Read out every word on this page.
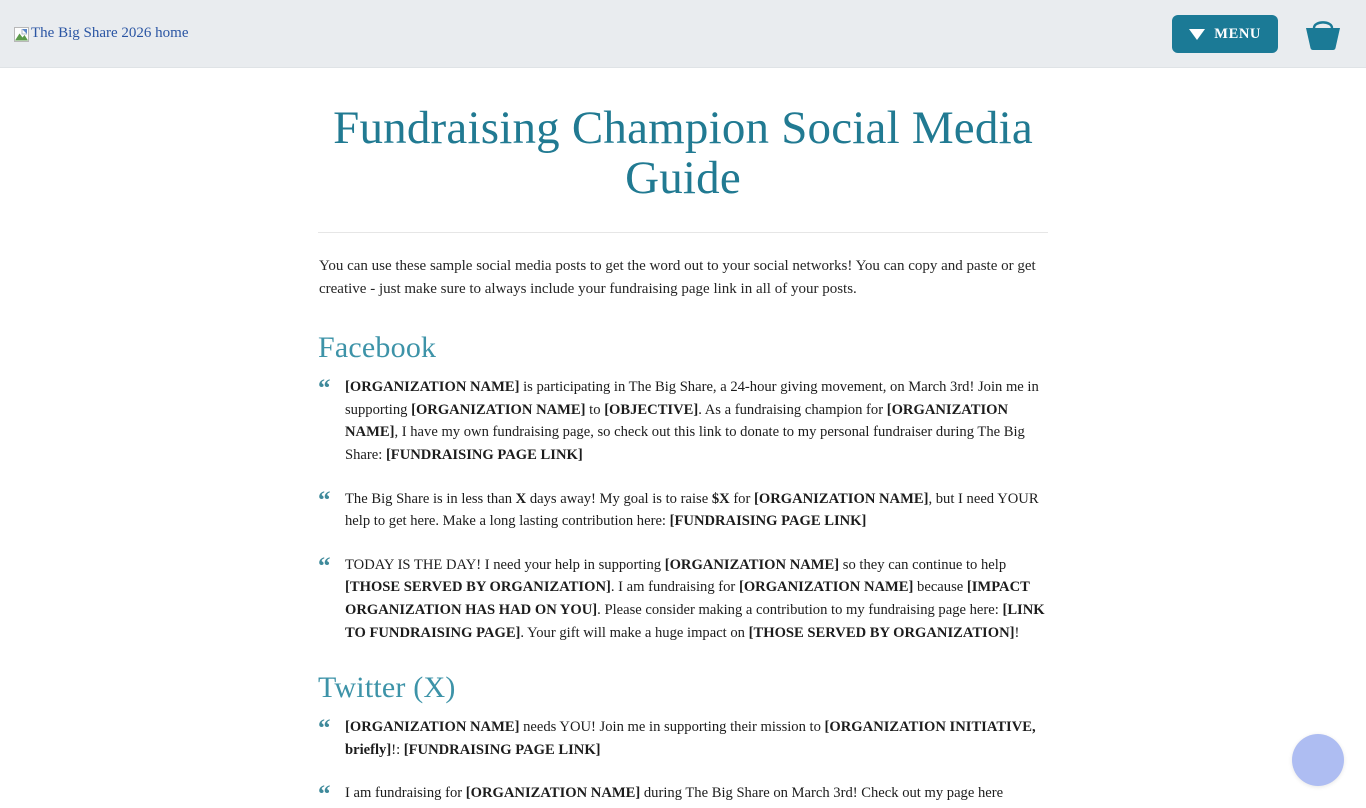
The Big Share 2026 home	MENU
Fundraising Champion Social Media Guide

You can use these sample social media posts to get the word out to your social networks! You can copy and paste or get creative - just make sure to always include your fundraising page link in all of your posts.

Facebook
“ [ORGANIZATION NAME] is participating in The Big Share, a 24-hour giving movement, on March 3rd! Join me in supporting [ORGANIZATION NAME] to [OBJECTIVE]. As a fundraising champion for [ORGANIZATION NAME], I have my own fundraising page, so check out this link to donate to my personal fundraiser during The Big Share: [FUNDRAISING PAGE LINK]
“ The Big Share is in less than X days away! My goal is to raise $X for [ORGANIZATION NAME], but I need YOUR help to get here. Make a long lasting contribution here: [FUNDRAISING PAGE LINK]
“ TODAY IS THE DAY! I need your help in supporting [ORGANIZATION NAME] so they can continue to help [THOSE SERVED BY ORGANIZATION]. I am fundraising for [ORGANIZATION NAME] because [IMPACT ORGANIZATION HAS HAD ON YOU]. Please consider making a contribution to my fundraising page here: [LINK TO FUNDRAISING PAGE]. Your gift will make a huge impact on [THOSE SERVED BY ORGANIZATION]!
Twitter (X)
“ [ORGANIZATION NAME] needs YOU! Join me in supporting their mission to [ORGANIZATION INITIATIVE, briefly]!: [FUNDRAISING PAGE LINK]
“ I am fundraising for [ORGANIZATION NAME] during The Big Share on March 3rd! Check out my page here
